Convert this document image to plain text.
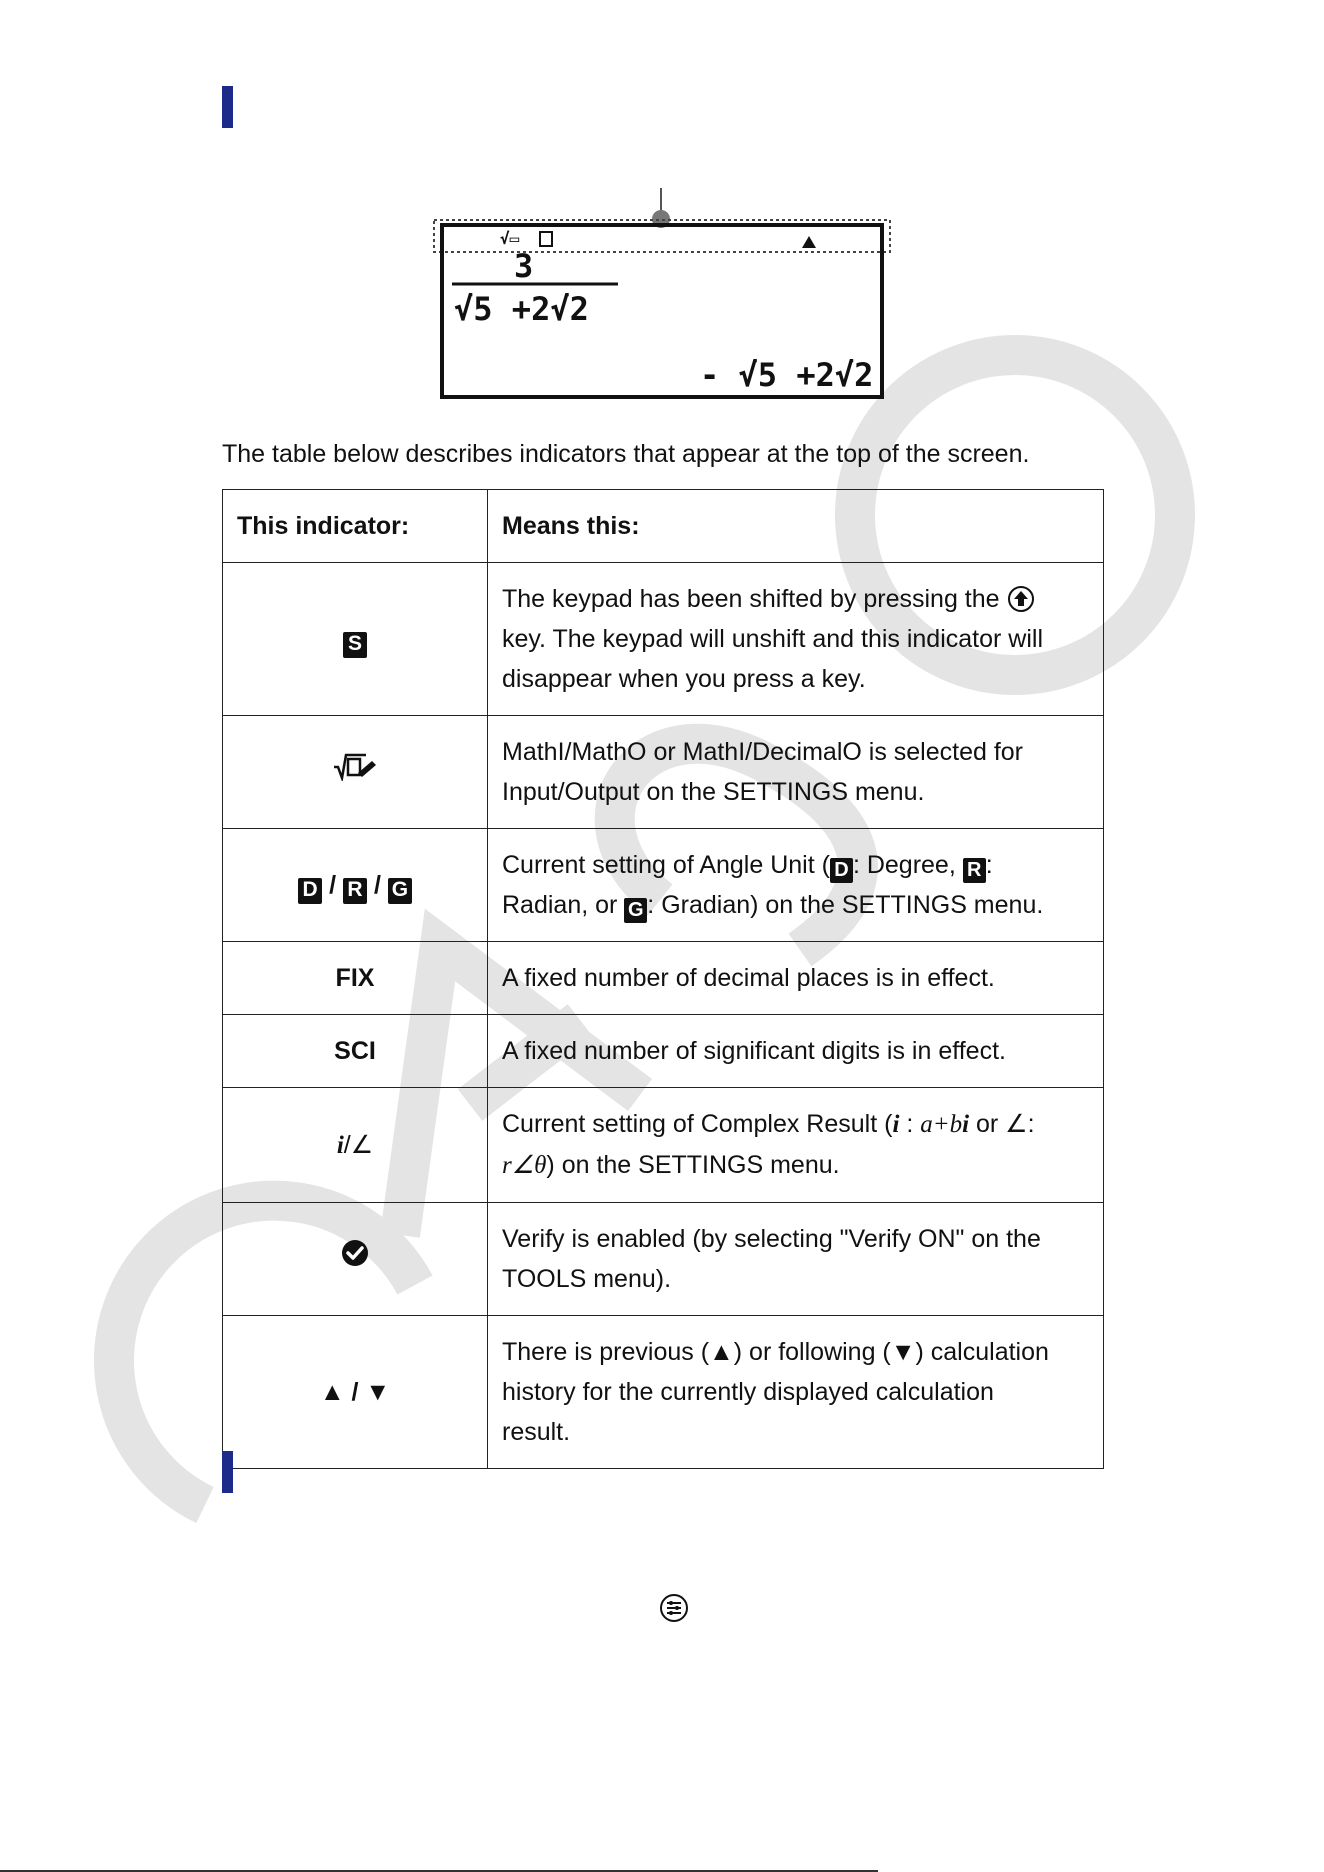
√▭
3
√5 +2√2
- √5 +2√2
The table below describes indicators that appear at the top of the screen.
This indicator:	Means this:
S	The keypad has been shifted by pressing the
key. The keypad will unshift and this indicator will
disappear when you press a key.
	MathI/MathO or MathI/DecimalO is selected for
Input/Output on the SETTINGS menu.
D / R / G	Current setting of Angle Unit ( D : Degree, R :
Radian, or G : Gradian) on the SETTINGS menu.
FIX	A fixed number of decimal places is in effect.
SCI	A fixed number of significant digits is in effect.
i/∠	Current setting of Complex Result (i : a+bi or ∠:
r∠θ) on the SETTINGS menu.
	Verify is enabled (by selecting "Verify ON" on the
TOOLS menu).
▲ / ▼	There is previous (▲) or following (▼) calculation
history for the currently displayed calculation
result.
